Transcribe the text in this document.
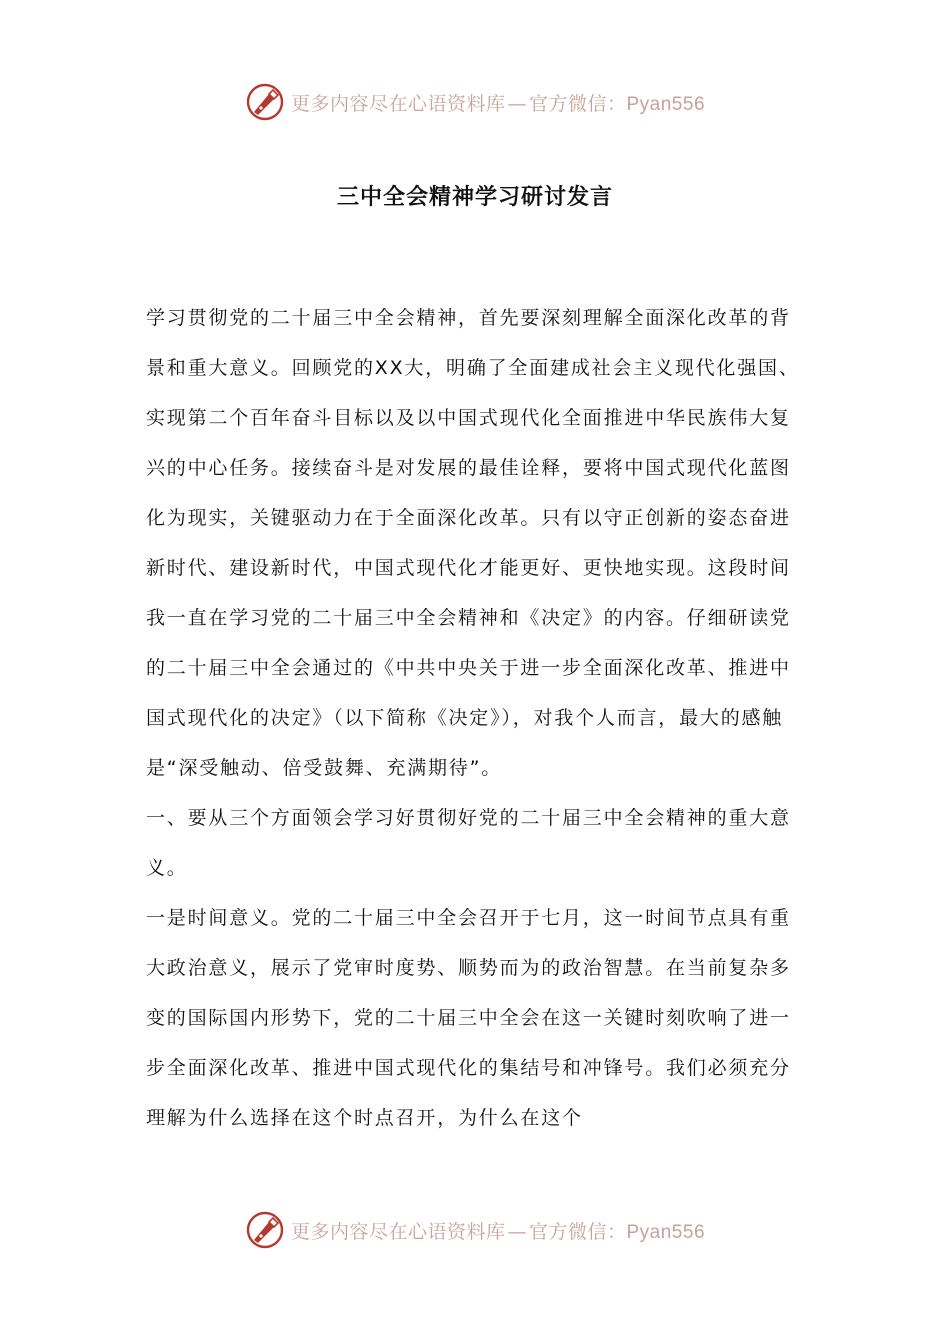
更多内容尽在心语资料库 — 官方微信：Pyan556
三中全会精神学习研讨发言

学习贯彻党的二十届三中全会精神，首先要深刻理解全面深化改革的背景和重大意义。回顾党的XX大，明确了全面建成社会主义现代化强国、实现第二个百年奋斗目标以及以中国式现代化全面推进中华民族伟大复兴的中心任务。接续奋斗是对发展的最佳诠释，要将中国式现代化蓝图化为现实，关键驱动力在于全面深化改革。只有以守正创新的姿态奋进新时代、建设新时代，中国式现代化才能更好、更快地实现。这段时间我一直在学习党的二十届三中全会精神和《决定》的内容。仔细研读党的二十届三中全会通过的《中共中央关于进一步全面深化改革、推进中国式现代化的决定》（以下简称《决定》），对我个人而言，最大的感触是“深受触动、倍受鼓舞、充满期待”。

一、要从三个方面领会学习好贯彻好党的二十届三中全会精神的重大意义。

一是时间意义。党的二十届三中全会召开于七月，这一时间节点具有重大政治意义，展示了党审时度势、顺势而为的政治智慧。在当前复杂多变的国际国内形势下，党的二十届三中全会在这一关键时刻吹响了进一步全面深化改革、推进中国式现代化的集结号和冲锋号。我们必须充分理解为什么选择在这个时点召开，为什么在这个

更多内容尽在心语资料库 — 官方微信：Pyan556
